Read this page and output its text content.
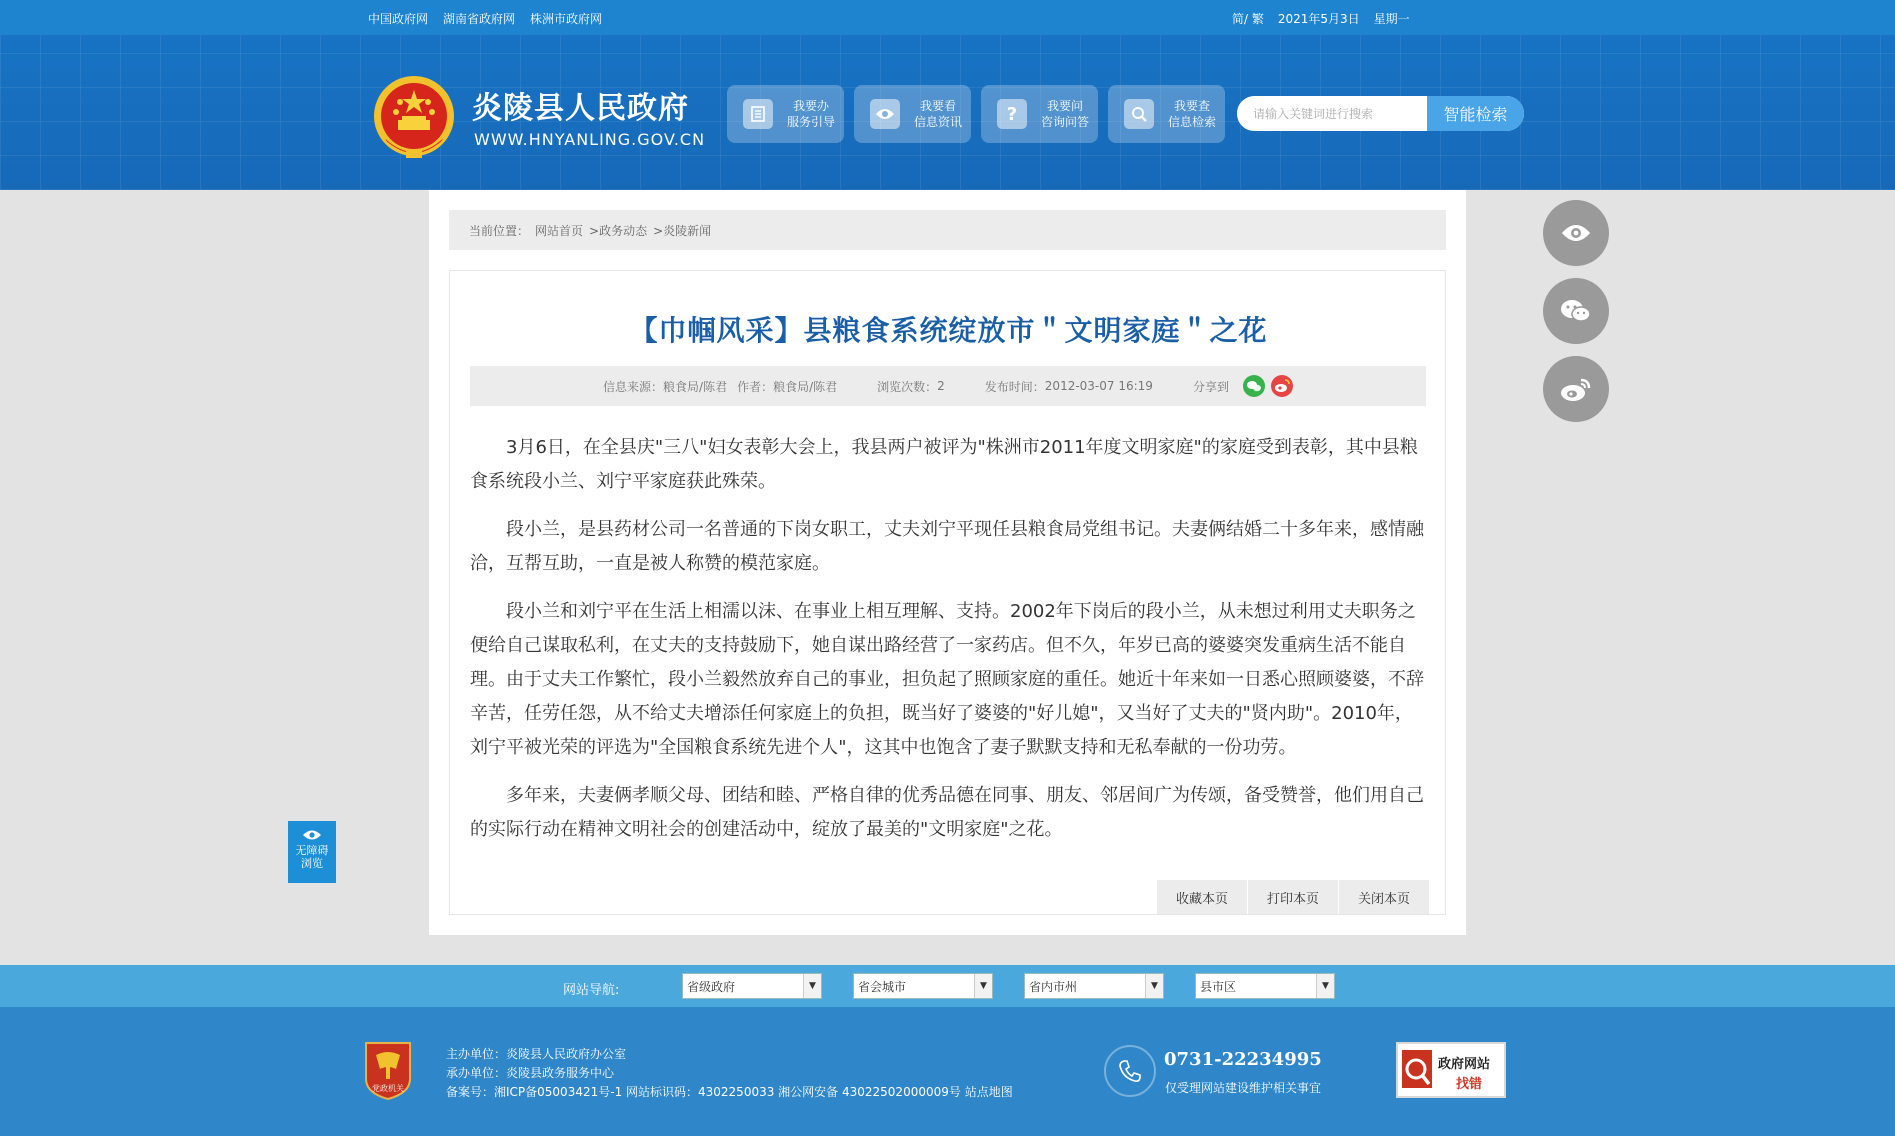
中国政府网 湖南省政府网 株洲市政府网	简/ 繁 2021年5月3日 星期一
炎陵县人民政府
WWW.HNYANLING.GOV.CN
我要办
服务引导
我要看
信息资讯 ?	我要问
咨询问答
我要查
信息检索
请输入关键词进行搜索	智能检索
当前位置： 网站首页 >政务动态 >炎陵新闻
【巾帼风采】县粮食系统绽放市＂文明家庭＂之花
信息来源：粮食局/陈君 作者：粮食局/陈君	浏览次数： 2	发布时间： 2012-03-07 16:19	分享到

3月6日，在全县庆"三八"妇女表彰大会上，我县两户被评为"株洲市2011年度文明家庭"的家庭受到表彰，其中县粮食系统段小兰、刘宁平家庭获此殊荣。

段小兰，是县药材公司一名普通的下岗女职工，丈夫刘宁平现任县粮食局党组书记。夫妻俩结婚二十多年来，感情融洽，互帮互助，一直是被人称赞的模范家庭。

段小兰和刘宁平在生活上相濡以沫、在事业上相互理解、支持。2002年下岗后的段小兰，从未想过利用丈夫职务之便给自己谋取私利，在丈夫的支持鼓励下，她自谋出路经营了一家药店。但不久，年岁已高的婆婆突发重病生活不能自理。由于丈夫工作繁忙，段小兰毅然放弃自己的事业，担负起了照顾家庭的重任。她近十年来如一日悉心照顾婆婆，不辞辛苦，任劳任怨，从不给丈夫增添任何家庭上的负担，既当好了婆婆的"好儿媳"，又当好了丈夫的"贤内助"。2010年，刘宁平被光荣的评选为"全国粮食系统先进个人"，这其中也饱含了妻子默默支持和无私奉献的一份功劳。

多年来，夫妻俩孝顺父母、团结和睦、严格自律的优秀品德在同事、朋友、邻居间广为传颂，备受赞誉，他们用自己的实际行动在精神文明社会的创建活动中，绽放了最美的"文明家庭"之花。

收藏本页	打印本页	关闭本页
无障碍
浏览
网站导航:	省级政府	▼	省会城市	▼	省内市州	▼	县市区	▼
党政机关
主办单位：炎陵县人民政府办公室
承办单位：炎陵县政务服务中心
备案号：湘ICP备05003421号-1 网站标识码：4302250033 湘公网安备 43022502000009号 站点地图
0731-22234995
仅受理网站建设维护相关事宜
政府网站
找错
